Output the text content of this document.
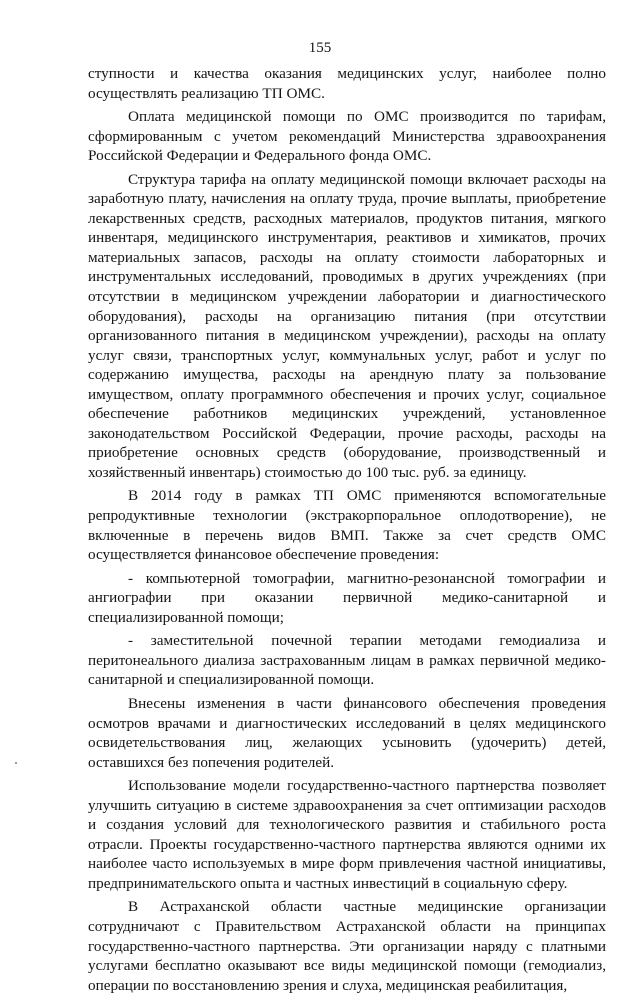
155

ступности и качества оказания медицинских услуг, наиболее полно осуществлять реализацию ТП ОМС.

Оплата медицинской помощи по ОМС производится по тарифам, сформированным с учетом рекомендаций Министерства здравоохранения Российской Федерации и Федерального фонда ОМС.

Структура тарифа на оплату медицинской помощи включает расходы на заработную плату, начисления на оплату труда, прочие выплаты, приобретение лекарственных средств, расходных материалов, продуктов питания, мягкого инвентаря, медицинского инструментария, реактивов и химикатов, прочих материальных запасов, расходы на оплату стоимости лабораторных и инструментальных исследований, проводимых в других учреждениях (при отсутствии в медицинском учреждении лаборатории и диагностического оборудования), расходы на организацию питания (при отсутствии организованного питания в медицинском учреждении), расходы на оплату услуг связи, транспортных услуг, коммунальных услуг, работ и услуг по содержанию имущества, расходы на арендную плату за пользование имуществом, оплату программного обеспечения и прочих услуг, социальное обеспечение работников медицинских учреждений, установленное законодательством Российской Федерации, прочие расходы, расходы на приобретение основных средств (оборудование, производственный и хозяйственный инвентарь) стоимостью до 100 тыс. руб. за единицу.

В 2014 году в рамках ТП ОМС применяются вспомогательные репродуктивные технологии (экстракорпоральное оплодотворение), не включенные в перечень видов ВМП. Также за счет средств ОМС осуществляется финансовое обеспечение проведения:

- компьютерной томографии, магнитно-резонансной томографии и ангиографии при оказании первичной медико-санитарной и специализированной помощи;

- заместительной почечной терапии методами гемодиализа и перитонеального диализа застрахованным лицам в рамках первичной медико-санитарной и специализированной помощи.

Внесены изменения в части финансового обеспечения проведения осмотров врачами и диагностических исследований в целях медицинского освидетельствования лиц, желающих усыновить (удочерить) детей, оставшихся без попечения родителей.

Использование модели государственно-частного партнерства позволяет улучшить ситуацию в системе здравоохранения за счет оптимизации расходов и создания условий для технологического развития и стабильного роста отрасли. Проекты государственно-частного партнерства являются одними их наиболее часто используемых в мире форм привлечения частной инициативы, предпринимательского опыта и частных инвестиций в социальную сферу.

В Астраханской области частные медицинские организации сотрудничают с Правительством Астраханской области на принципах государственно-частного партнерства. Эти организации наряду с платными услугами бесплатно оказывают все виды медицинской помощи (гемодиализ, операции по восстановлению зрения и слуха, медицинская реабилитация,
